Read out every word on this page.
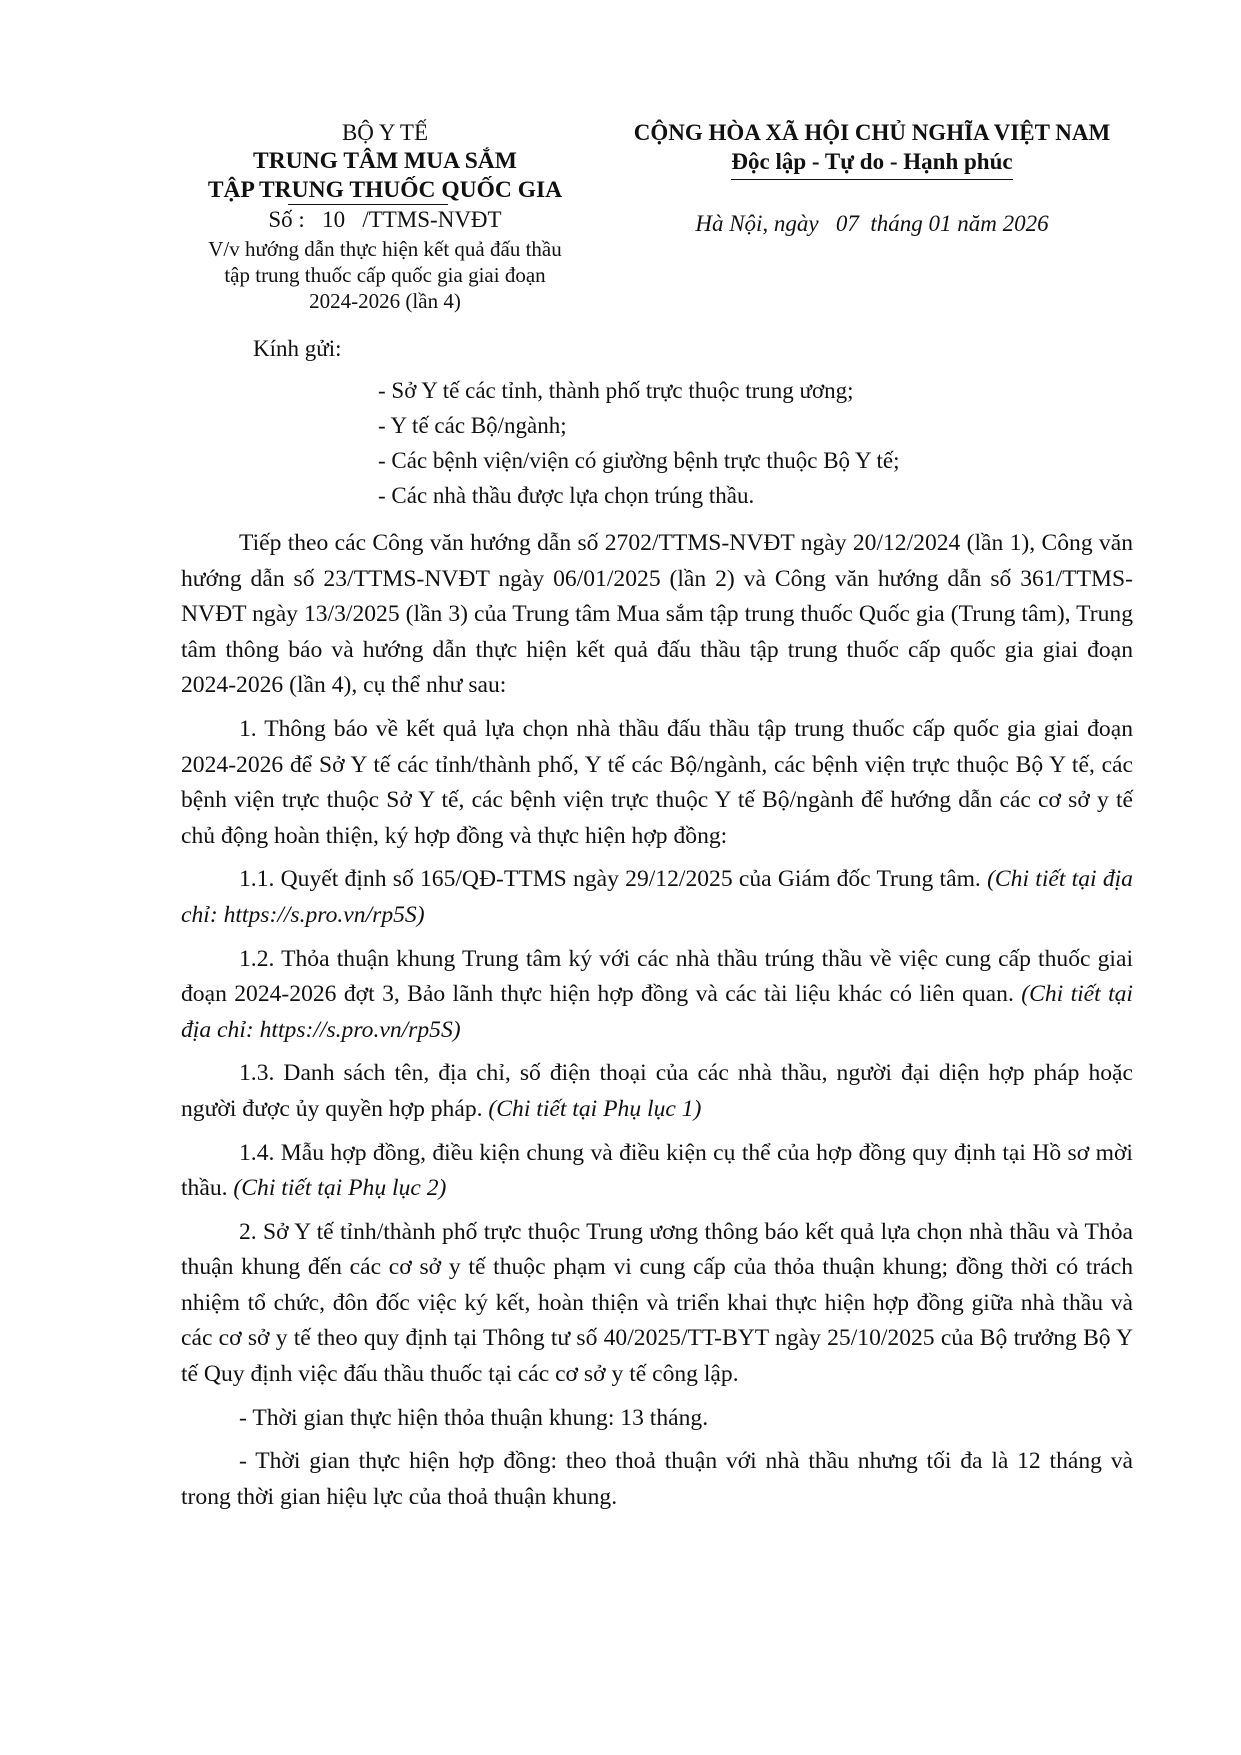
BỘ Y TẾ
TRUNG TÂM MUA SẮM
TẬP TRUNG THUỐC QUỐC GIA
Số :   10   /TTMS-NVĐT
V/v hướng dẫn thực hiện kết quả đấu thầu
tập trung thuốc cấp quốc gia giai đoạn
2024-2026 (lần 4)
CỘNG HÒA XÃ HỘI CHỦ NGHĨA VIỆT NAM
Độc lập - Tự do - Hạnh phúc
Hà Nội, ngày   07  tháng 01 năm 2026
Kính gửi:
- Sở Y tế các tỉnh, thành phố trực thuộc trung ương;
- Y tế các Bộ/ngành;
- Các bệnh viện/viện có giường bệnh trực thuộc Bộ Y tế;
- Các nhà thầu được lựa chọn trúng thầu.

Tiếp theo các Công văn hướng dẫn số 2702/TTMS-NVĐT ngày 20/12/2024 (lần 1), Công văn hướng dẫn số 23/TTMS-NVĐT ngày 06/01/2025 (lần 2) và Công văn hướng dẫn số 361/TTMS-NVĐT ngày 13/3/2025 (lần 3) của Trung tâm Mua sắm tập trung thuốc Quốc gia (Trung tâm), Trung tâm thông báo và hướng dẫn thực hiện kết quả đấu thầu tập trung thuốc cấp quốc gia giai đoạn 2024-2026 (lần 4), cụ thể như sau:

1. Thông báo về kết quả lựa chọn nhà thầu đấu thầu tập trung thuốc cấp quốc gia giai đoạn 2024-2026 để Sở Y tế các tỉnh/thành phố, Y tế các Bộ/ngành, các bệnh viện trực thuộc Bộ Y tế, các bệnh viện trực thuộc Sở Y tế, các bệnh viện trực thuộc Y tế Bộ/ngành để hướng dẫn các cơ sở y tế chủ động hoàn thiện, ký hợp đồng và thực hiện hợp đồng:

1.1. Quyết định số 165/QĐ-TTMS ngày 29/12/2025 của Giám đốc Trung tâm. (Chi tiết tại địa chỉ: https://s.pro.vn/rp5S)

1.2. Thỏa thuận khung Trung tâm ký với các nhà thầu trúng thầu về việc cung cấp thuốc giai đoạn 2024-2026 đợt 3, Bảo lãnh thực hiện hợp đồng và các tài liệu khác có liên quan. (Chi tiết tại địa chỉ: https://s.pro.vn/rp5S)

1.3. Danh sách tên, địa chỉ, số điện thoại của các nhà thầu, người đại diện hợp pháp hoặc người được ủy quyền hợp pháp. (Chi tiết tại Phụ lục 1)

1.4. Mẫu hợp đồng, điều kiện chung và điều kiện cụ thể của hợp đồng quy định tại Hồ sơ mời thầu. (Chi tiết tại Phụ lục 2)

2. Sở Y tế tỉnh/thành phố trực thuộc Trung ương thông báo kết quả lựa chọn nhà thầu và Thỏa thuận khung đến các cơ sở y tế thuộc phạm vi cung cấp của thỏa thuận khung; đồng thời có trách nhiệm tổ chức, đôn đốc việc ký kết, hoàn thiện và triển khai thực hiện hợp đồng giữa nhà thầu và các cơ sở y tế theo quy định tại Thông tư số 40/2025/TT-BYT ngày 25/10/2025 của Bộ trưởng Bộ Y tế Quy định việc đấu thầu thuốc tại các cơ sở y tế công lập.

- Thời gian thực hiện thỏa thuận khung: 13 tháng.

- Thời gian thực hiện hợp đồng: theo thoả thuận với nhà thầu nhưng tối đa là 12 tháng và trong thời gian hiệu lực của thoả thuận khung.
